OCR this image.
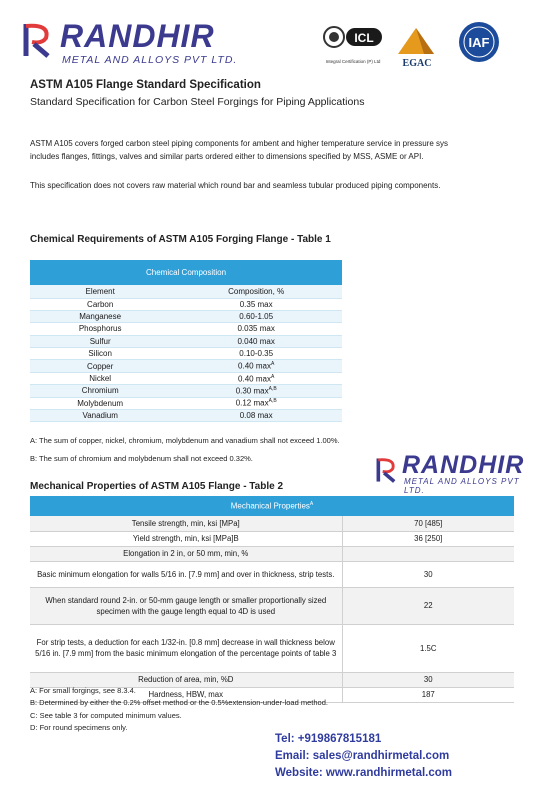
RANDHIR
METAL AND ALLOYS PVT LTD.
ICL
Integral Certification (P) Ltd	EGAC
IAF
ASTM A105 Flange Standard Specification
Standard Specification for Carbon Steel Forgings for Piping Applications
ASTM A105 covers forged carbon steel piping components for ambent and higher temperature service in pressure sys
includes flanges, fittings, valves and similar parts ordered either to dimensions specified by MSS, ASME or API.
This specification does not covers raw material which round bar and seamless tubular produced piping components.
Chemical Requirements of ASTM A105 Forging Flange - Table 1
Chemical Composition	
Element	Composition, %
Carbon	0.35 max
Manganese	0.60-1.05
Phosphorus	0.035 max
Sulfur	0.040 max
Silicon	0.10-0.35
Copper	0.40 $\max^A$
Nickel	0.40 $\max^A$
Chromium	0.30 $\max^{A,B}$
Molybdenum	0.12 $\max^{A,B}$
Vanadium	0.08 max
A: The sum of copper, nickel, chromium, molybdenum and vanadium shall not exceed 1.00%.
B: The sum of chromium and molybdenum shall not exceed 0.32%.	RANDHIR
METAL AND ALLOYS PVT LTD.
Mechanical Properties of ASTM A105 Flange - Table 2
Mechanical Properties$^A$
Tensile strength, min, ksi [MPa]	70 [485]
Yield strength, min, ksi [MPa]B	36 [250]
Elongation in 2 in, or 50 mm, min, %	
Basic minimum elongation for walls 5/16 in. [7.9 mm] and over in thickness, strip tests.	30
When standard round 2-in. or 50-mm gauge length or smaller proportionally sized specimen with the gauge length equal to 4D is used	22
For strip tests, a deduction for each 1/32-in. [0.8 mm] decrease in wall thickness below 5/16 in. [7.9 mm] from the basic minimum elongation of the percentage points of table 3	1.5C
Reduction of area, min, %D	30
Hardness, HBW, max	187
A: For small forgings, see 8.3.4.
B: Determined by either the 0.2% offset method or the 0.5%extension-under-load method.
C: See table 3 for computed minimum values.
D: For round specimens only.
Tel: +919867815181
Email: sales@randhirmetal.com
Website: www.randhirmetal.com
